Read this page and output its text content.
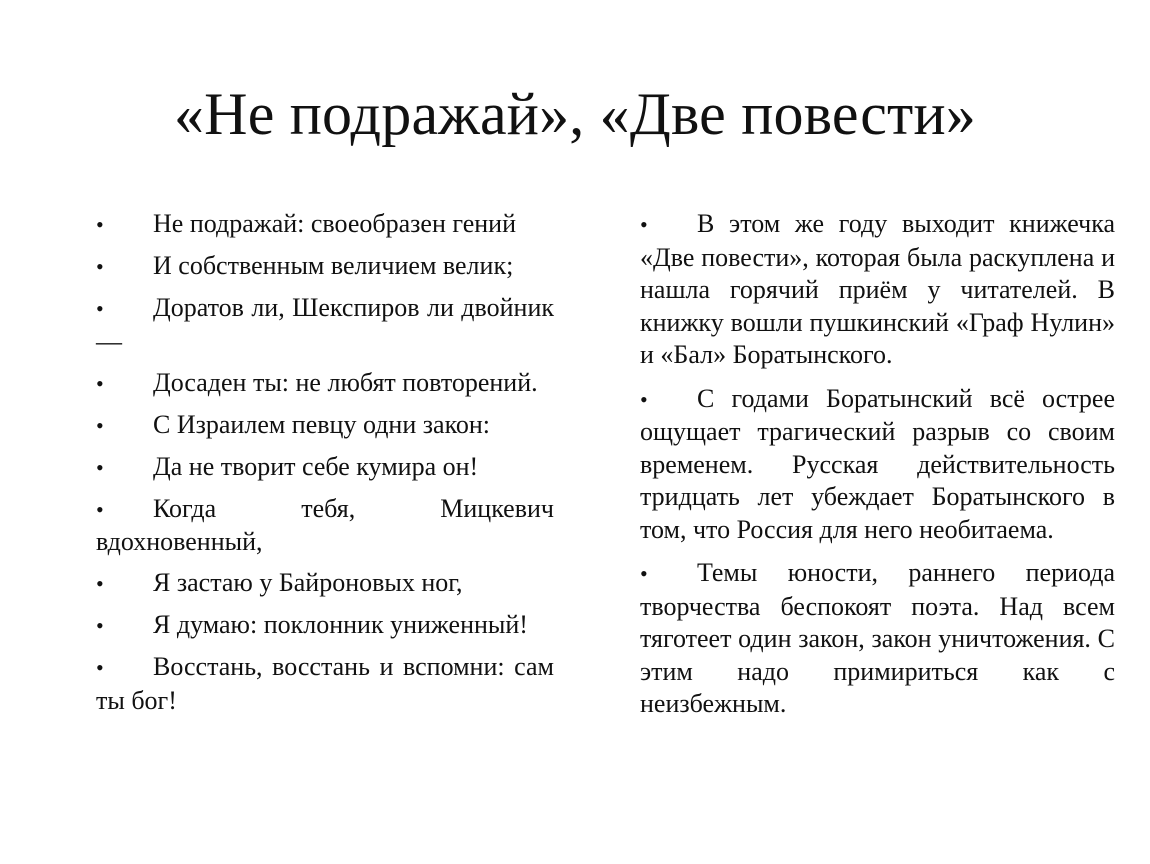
«Не подражай», «Две повести»
• Не подражай: своеобразен гений
• И собственным величием велик;
• Доратов ли, Шекспиров ли двойник —
• Досаден ты: не любят повторений.
• С Израилем певцу одни закон:
• Да не творит себе кумира он!
• Когда тебя, Мицкевич вдохновенный,
• Я застаю у Байроновых ног,
• Я думаю: поклонник униженный!
• Восстань, восстань и вспомни: сам ты бог!
• В этом же году выходит книжечка «Две повести», которая была раскуплена и нашла горячий приём у читателей. В книжку вошли пушкинский «Граф Нулин» и «Бал» Боратынского.
• С годами Боратынский всё острее ощущает трагический разрыв со своим временем. Русская действительность тридцать лет убеждает Боратынского в том, что Россия для него необитаема.
• Темы юности, раннего периода творчества беспокоят поэта. Над всем тяготеет один закон, закон уничтожения. С этим надо примириться как с неизбежным.
